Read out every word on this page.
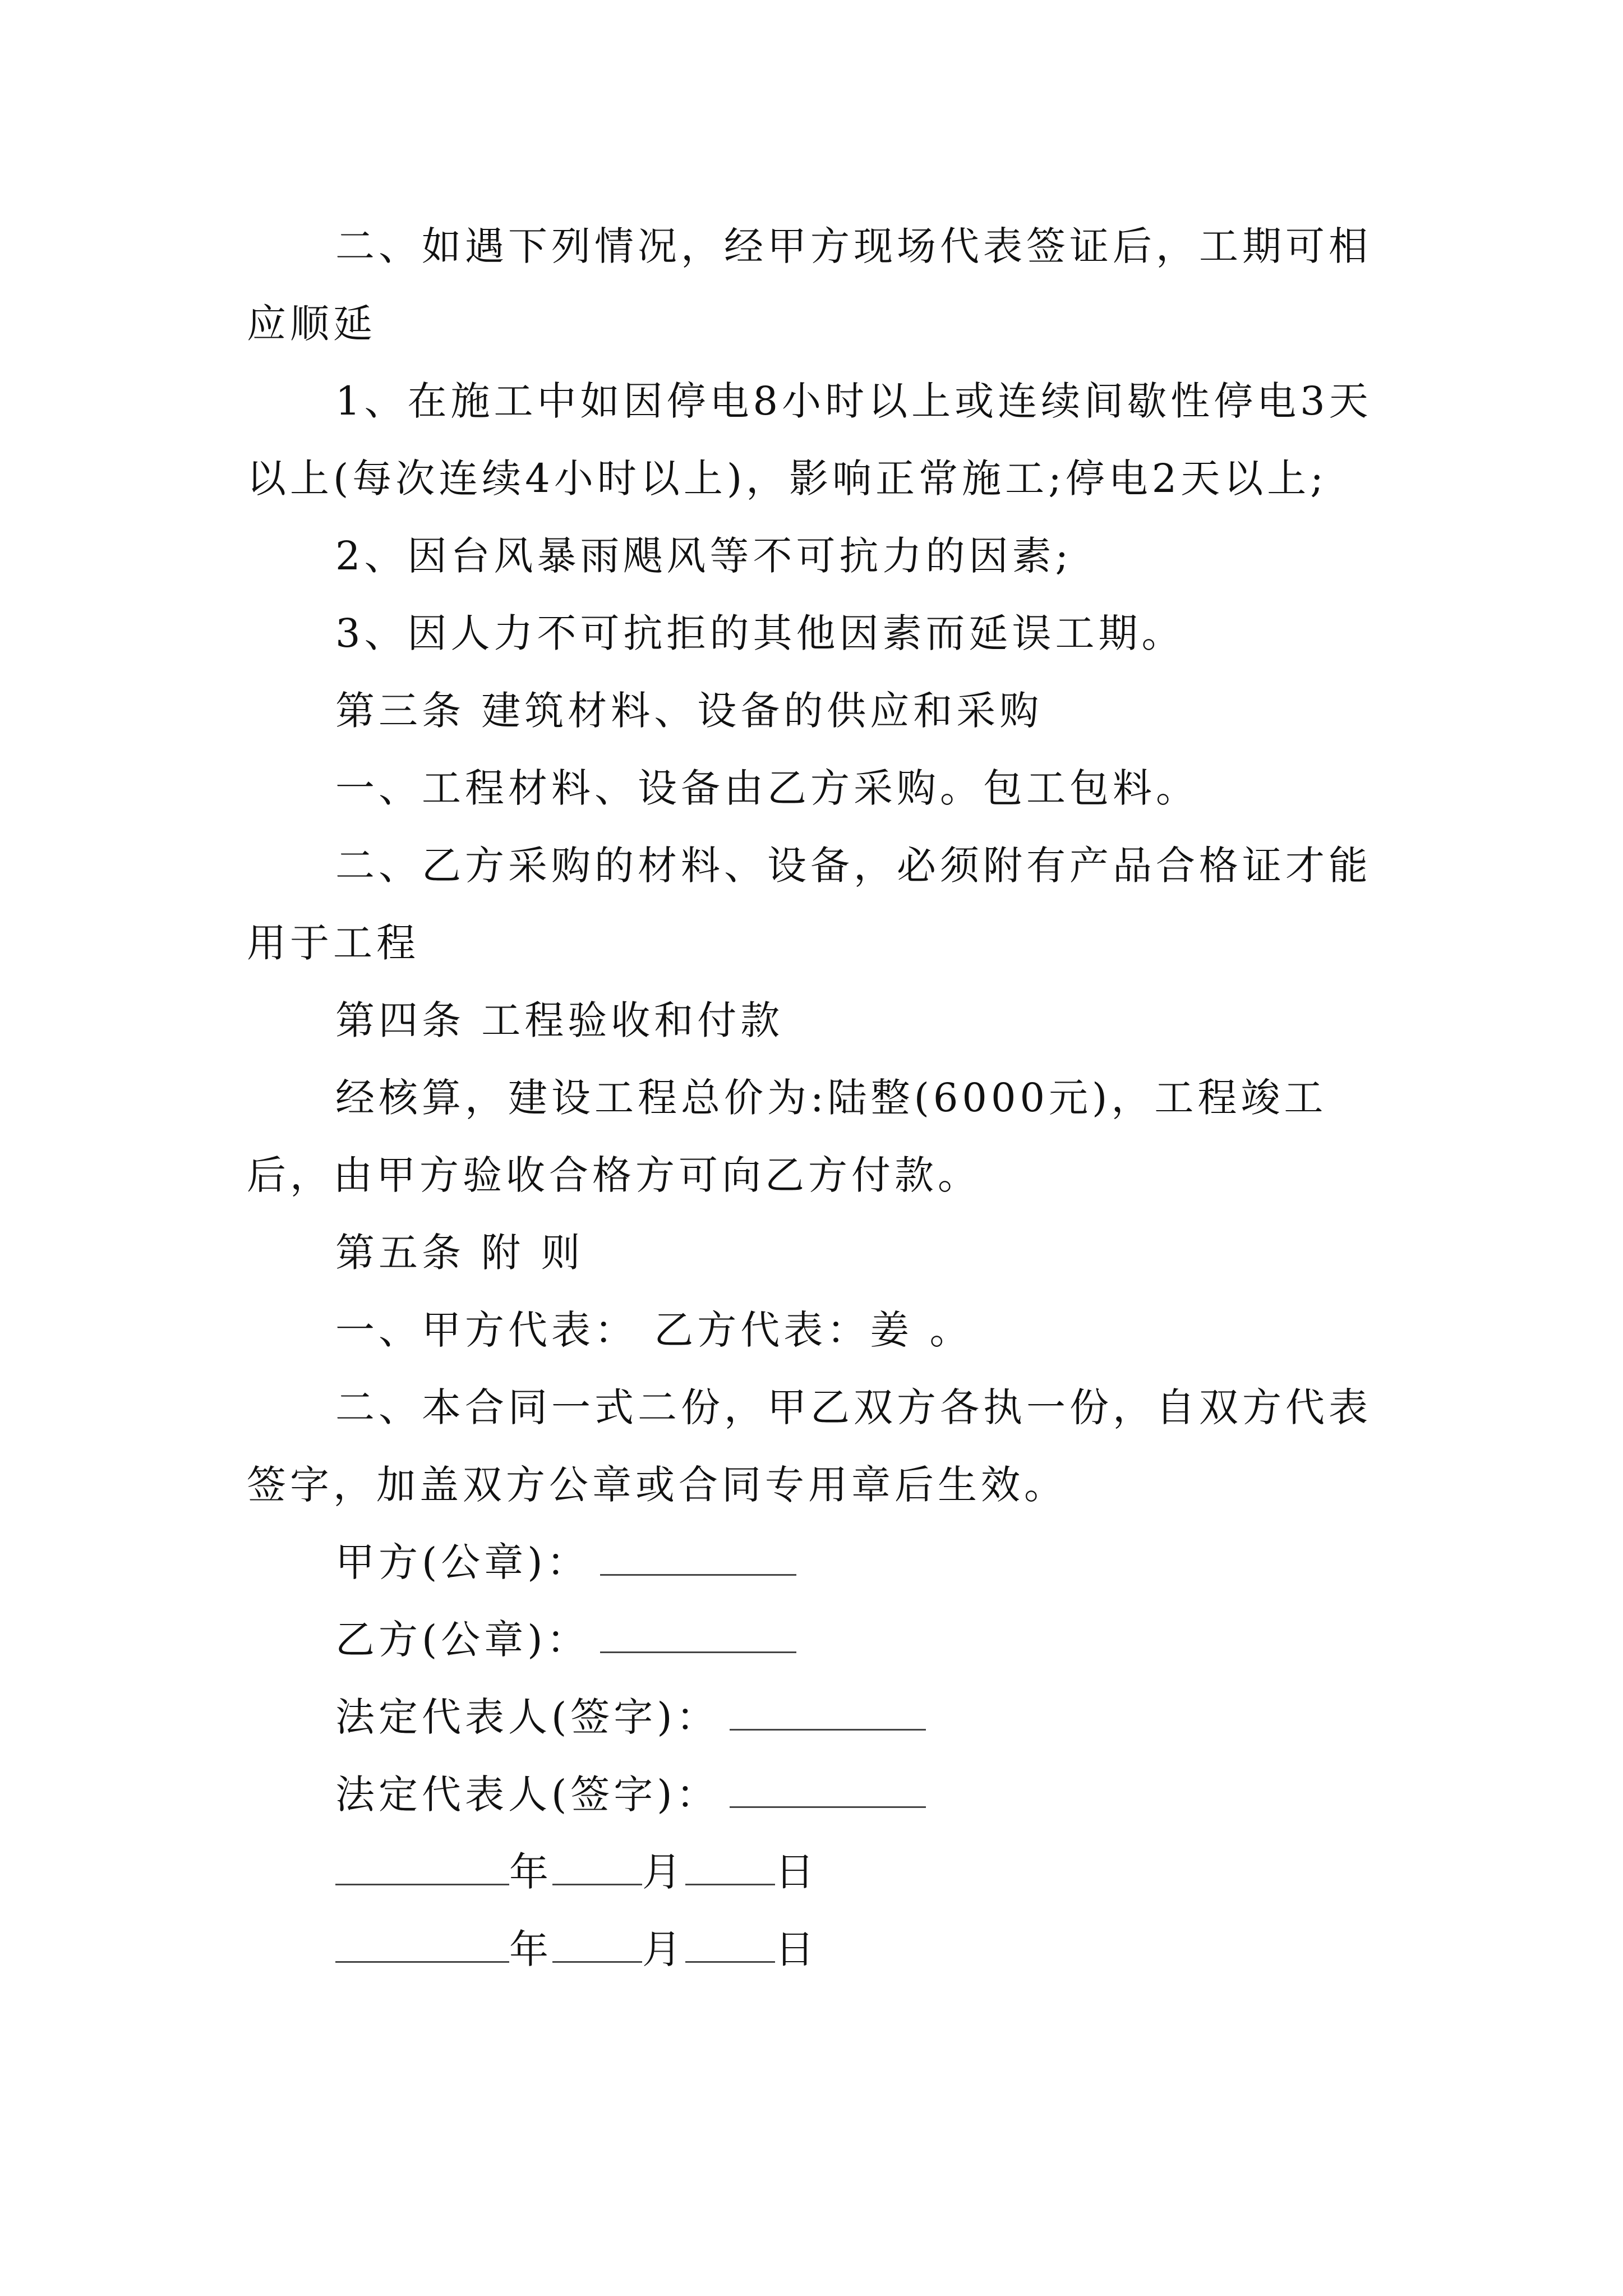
二、如遇下列情况，经甲方现场代表签证后，工期可相应顺延

1、在施工中如因停电8小时以上或连续间歇性停电3天以上(每次连续4小时以上)，影响正常施工;停电2天以上;

2、因台风暴雨飓风等不可抗力的因素;

3、因人力不可抗拒的其他因素而延误工期。

第三条 建筑材料、设备的供应和采购

一、工程材料、设备由乙方采购。包工包料。

二、乙方采购的材料、设备，必须附有产品合格证才能用于工程

第四条 工程验收和付款

经核算，建设工程总价为:陆整(6000元)，工程竣工后，由甲方验收合格方可向乙方付款。

第五条 附 则

一、甲方代表： 乙方代表：姜 。

二、本合同一式二份，甲乙双方各执一份，自双方代表签字，加盖双方公章或合同专用章后生效。

甲方(公章)：
乙方(公章)：
法定代表人(签字)：
法定代表人(签字)：
年 月 日
年 月 日
